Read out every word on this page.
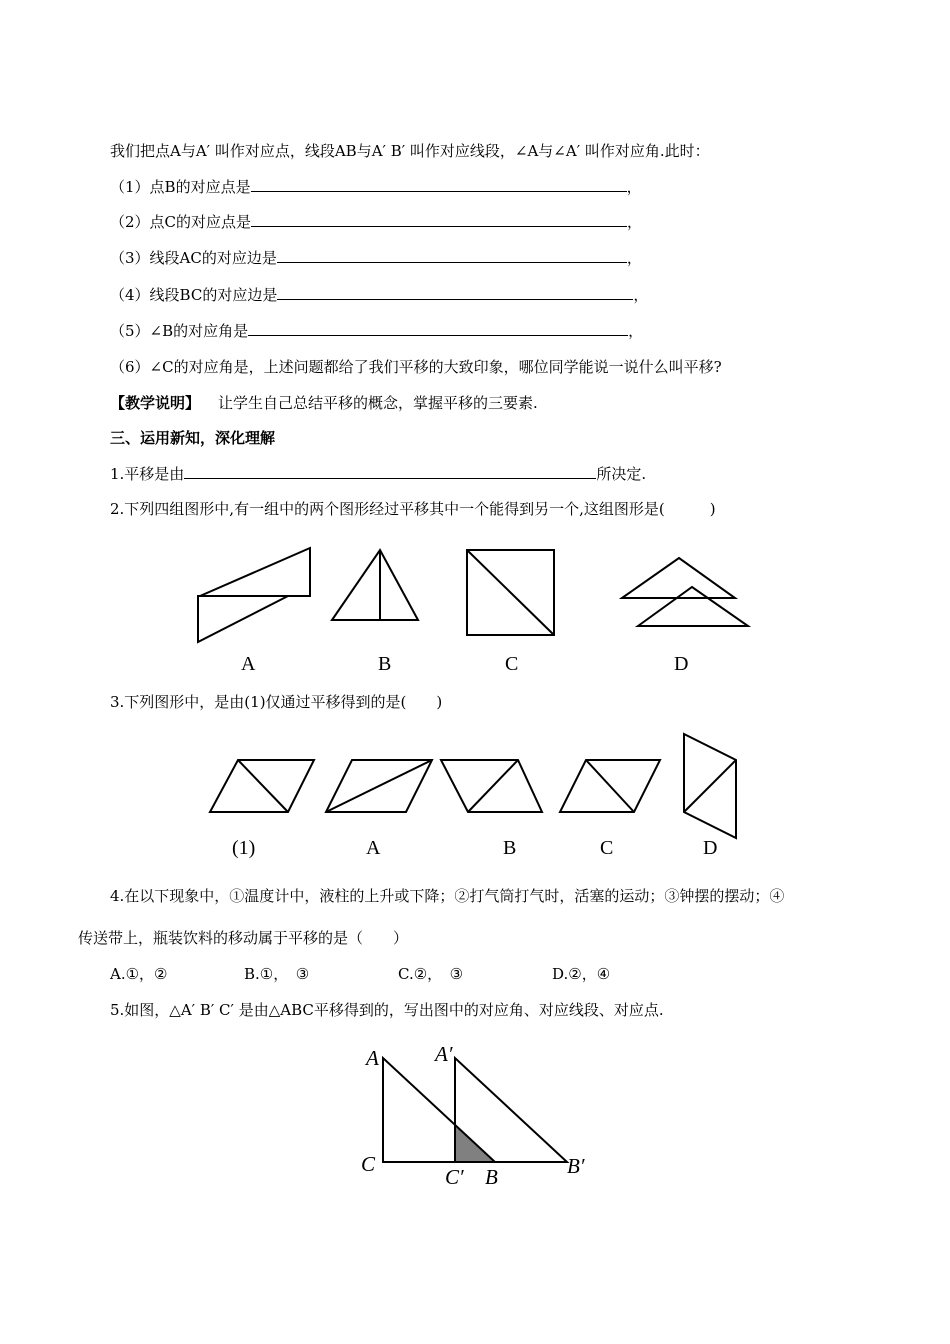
我们把点A与A′ 叫作对应点，线段AB与A′ B′ 叫作对应线段，∠A与∠A′ 叫作对应角.此时：
（1）点B的对应点是	，
（2）点C的对应点是	，
（3）线段AC的对应边是	，
（4）线段BC的对应边是	，
（5）∠B的对应角是	，
（6）∠C的对应角是，上述问题都给了我们平移的大致印象，哪位同学能说一说什么叫平移?
【教学说明】 让学生自己总结平移的概念，掌握平移的三要素.
三、运用新知，深化理解
1.平移是由	所决定.
2.下列四组图形中,有一组中的两个图形经过平移其中一个能得到另一个,这组图形是(　　　)
A	B	C	D
3.下列图形中，是由(1)仅通过平移得到的是(　　)
(1)	A	B	C	D
4.在以下现象中，①温度计中，液柱的上升或下降；②打气筒打气时，活塞的运动；③钟摆的摆动；④
传送带上，瓶装饮料的移动属于平移的是（　　）
A.①，②	B.①，　③	C.②，　③	D.②，④
5.如图，△A′ B′ C′ 是由△ABC平移得到的，写出图中的对应角、对应线段、对应点.
A	A′
C
C′ B	B′
